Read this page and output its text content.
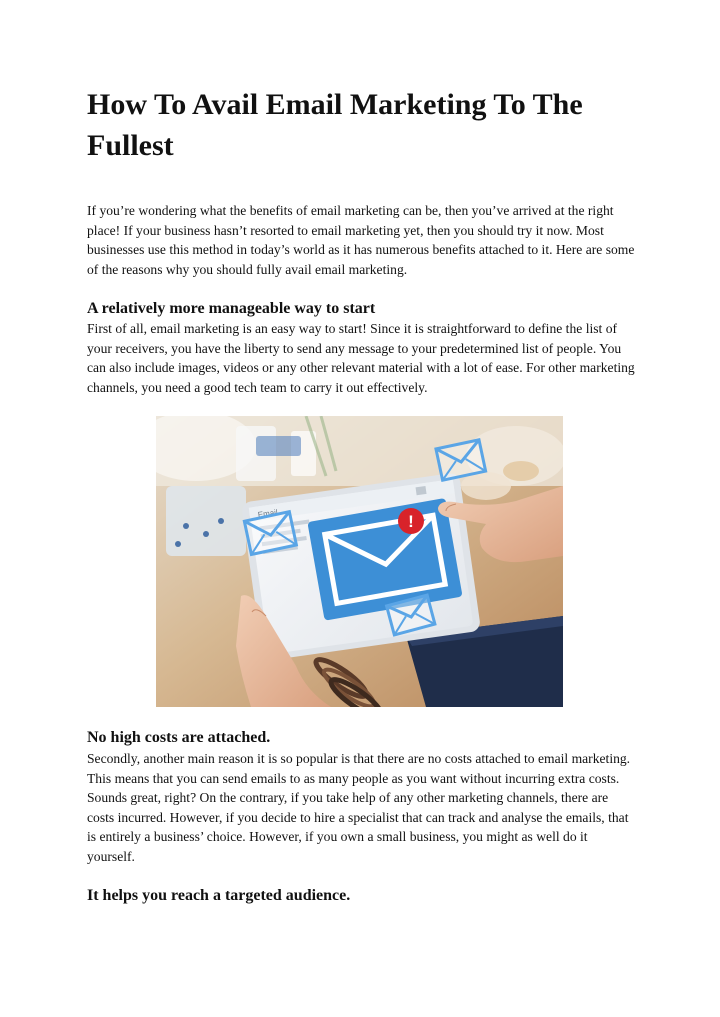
How To Avail Email Marketing To The Fullest

If you’re wondering what the benefits of email marketing can be, then you’ve arrived at the right place! If your business hasn’t resorted to email marketing yet, then you should try it now. Most businesses use this method in today’s world as it has numerous benefits attached to it. Here are some of the reasons why you should fully avail email marketing.

A relatively more manageable way to start

First of all, email marketing is an easy way to start! Since it is straightforward to define the list of your receivers, you have the liberty to send any message to your predetermined list of people. You can also include images, videos or any other relevant material with a lot of ease. For other marketing channels, you need a good tech team to carry it out effectively.

Email	!
No high costs are attached.

Secondly, another main reason it is so popular is that there are no costs attached to email marketing. This means that you can send emails to as many people as you want without incurring extra costs. Sounds great, right? On the contrary, if you take help of any other marketing channels, there are costs incurred. However, if you decide to hire a specialist that can track and analyse the emails, that is entirely a business’ choice. However, if you own a small business, you might as well do it yourself.

It helps you reach a targeted audience.
